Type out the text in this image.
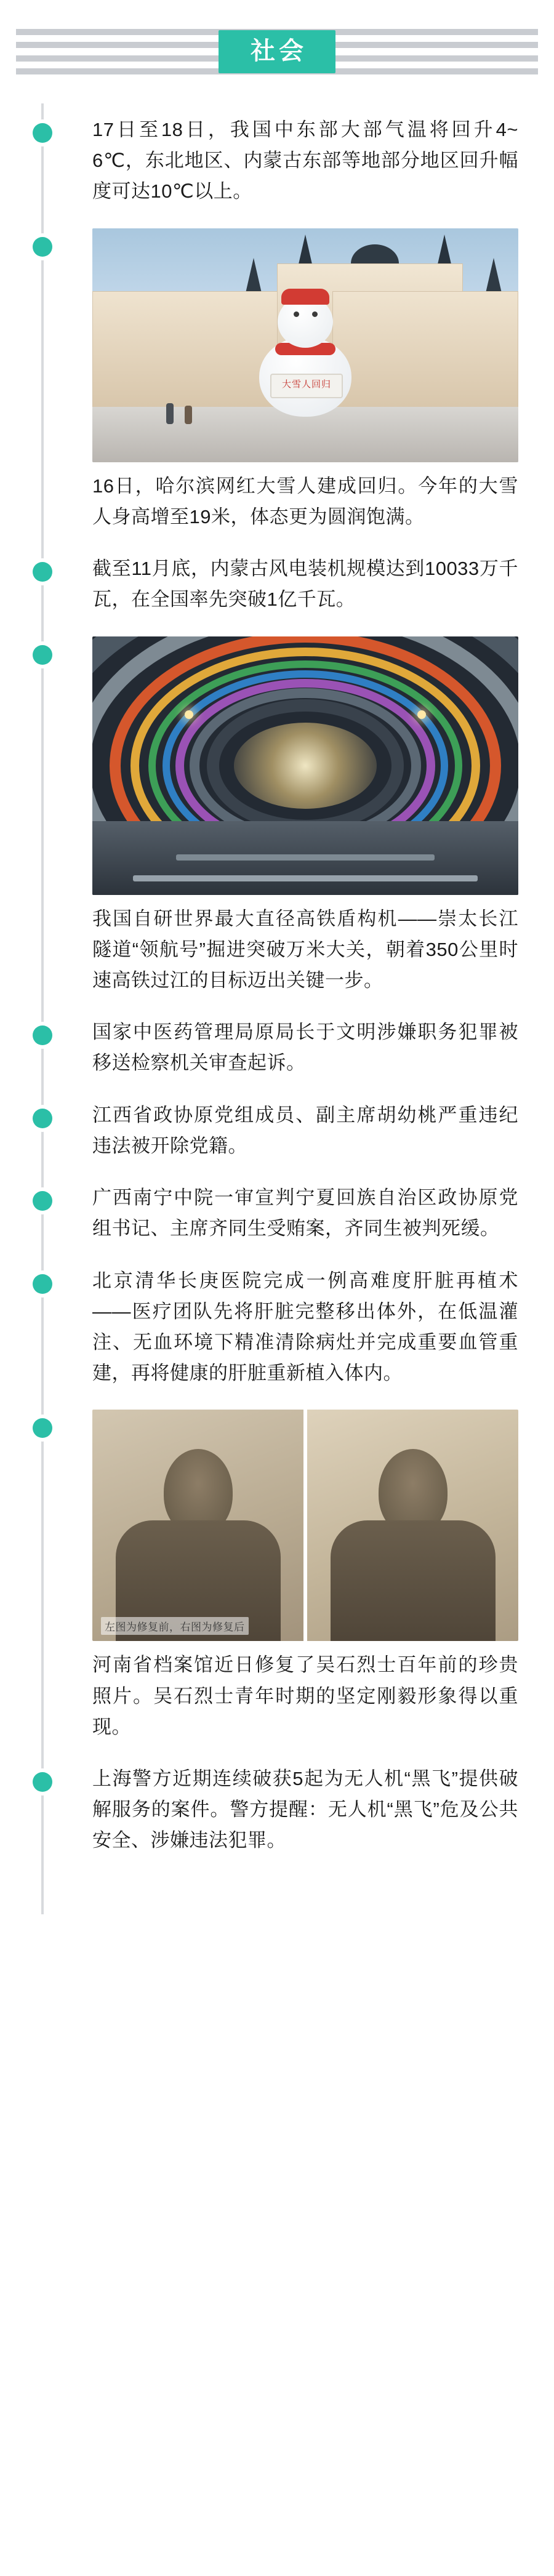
社会

17日至18日，我国中东部大部气温将回升4~6℃，东北地区、内蒙古东部等地部分地区回升幅度可达10℃以上。

大雪人回归

16日，哈尔滨网红大雪人建成回归。今年的大雪人身高增至19米，体态更为圆润饱满。

截至11月底，内蒙古风电装机规模达到10033万千瓦，在全国率先突破1亿千瓦。

我国自研世界最大直径高铁盾构机——崇太长江隧道“领航号”掘进突破万米大关，朝着350公里时速高铁过江的目标迈出关键一步。

国家中医药管理局原局长于文明涉嫌职务犯罪被移送检察机关审查起诉。

江西省政协原党组成员、副主席胡幼桃严重违纪违法被开除党籍。

广西南宁中院一审宣判宁夏回族自治区政协原党组书记、主席齐同生受贿案，齐同生被判死缓。

北京清华长庚医院完成一例高难度肝脏再植术——医疗团队先将肝脏完整移出体外，在低温灌注、无血环境下精准清除病灶并完成重要血管重建，再将健康的肝脏重新植入体内。

左图为修复前，右图为修复后

河南省档案馆近日修复了吴石烈士百年前的珍贵照片。吴石烈士青年时期的坚定刚毅形象得以重现。

上海警方近期连续破获5起为无人机“黑飞”提供破解服务的案件。警方提醒：无人机“黑飞”危及公共安全、涉嫌违法犯罪。
